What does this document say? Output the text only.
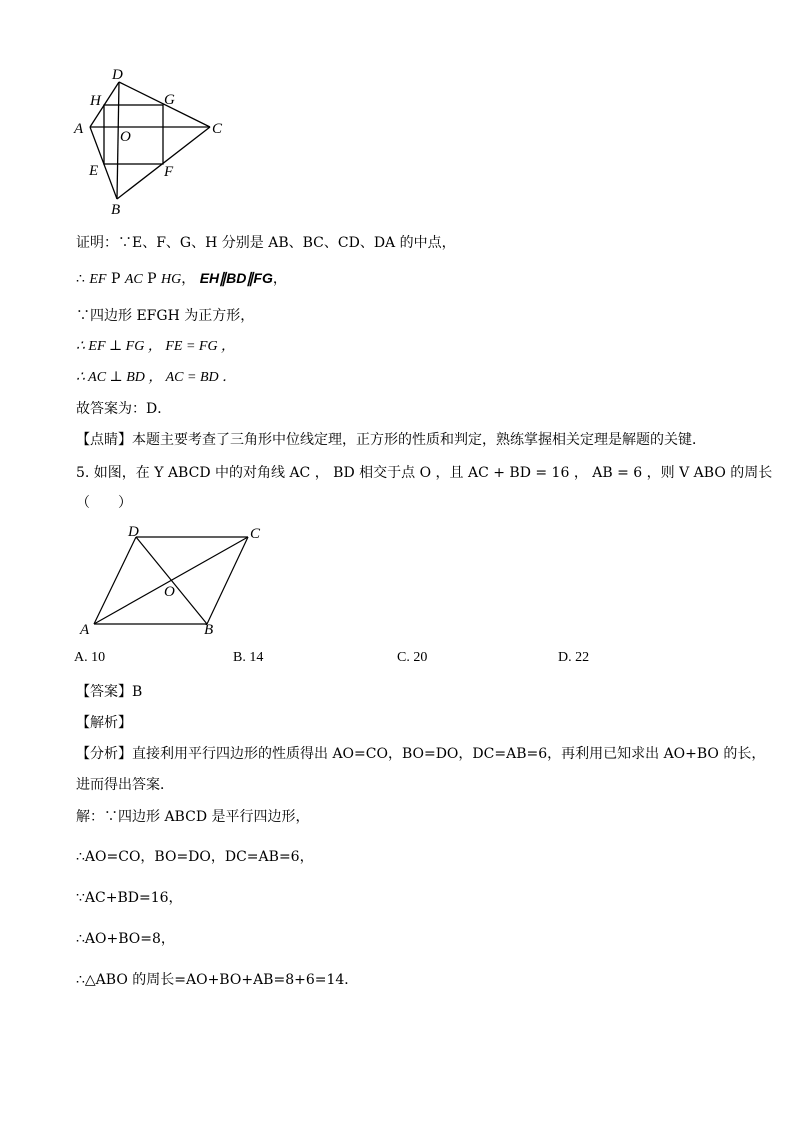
D
H	G
A O	C
E	F
B
证明：∵E、F、G、H 分别是 AB、BC、CD、DA 的中点，
∴ EF P AC P HG， EH∥BD∥FG，
∵四边形 EFGH 为正方形，
∴ EF ⊥ FG ， FE = FG ，
∴ AC ⊥ BD ， AC = BD ．
故答案为：D．
【点睛】本题主要考查了三角形中位线定理，正方形的性质和判定，熟练掌握相关定理是解题的关键．
5. 如图，在 Y ABCD 中的对角线 AC ， BD 相交于点 O ，且 AC + BD = 16 ， AB = 6 ，则 V ABO 的周长
（　　）
D	C
O
A	B
A. 10	B. 14	C. 20	D. 22
【答案】B
【解析】
【分析】直接利用平行四边形的性质得出 AO=CO，BO=DO，DC=AB=6，再利用已知求出 AO+BO 的长，
进而得出答案．
解：∵四边形 ABCD 是平行四边形，
∴AO=CO，BO=DO，DC=AB=6，
∵AC+BD=16，
∴AO+BO=8，
∴△ABO 的周长=AO+BO+AB=8+6=14．
